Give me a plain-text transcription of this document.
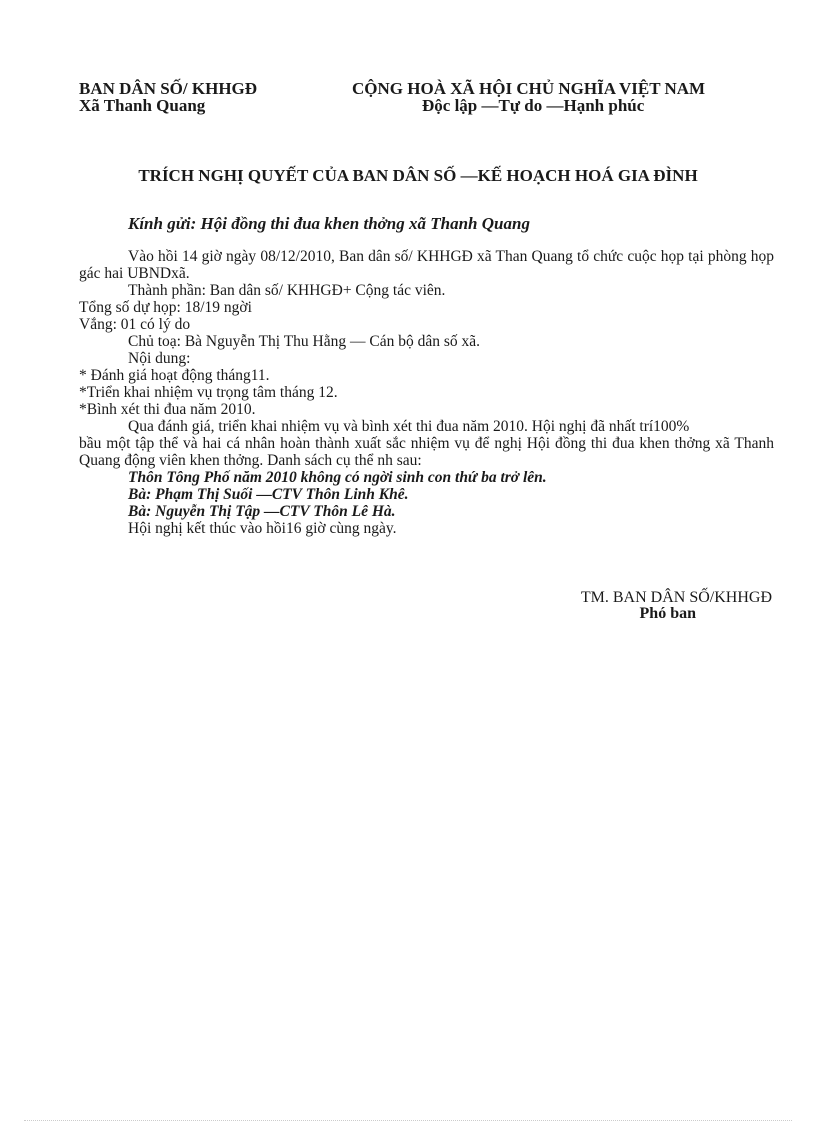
BAN DÂN SỐ/ KHHGĐ
Xã Thanh Quang
CỘNG HOÀ XÃ HỘI CHỦ NGHĨA VIỆT NAM
Độc lập —Tự do —Hạnh phúc
TRÍCH NGHỊ QUYẾT CỦA BAN DÂN SỐ —KẾ HOẠCH HOÁ GIA ĐÌNH
Kính gửi: Hội đồng thi đua khen thởng xã Thanh Quang

Vào hồi 14 giờ ngày 08/12/2010, Ban dân số/ KHHGĐ xã Than Quang tổ chức cuộc họp tại phòng họp gác hai UBNDxã.

Thành phần: Ban dân số/ KHHGĐ+ Cộng tác viên.

Tổng số dự họp: 18/19 ngời

Vắng: 01 có lý do

Chủ toạ: Bà Nguyễn Thị Thu Hằng — Cán bộ dân số xã.

Nội dung:

* Đánh giá hoạt động tháng11.

*Triển khai nhiệm vụ trọng tâm tháng 12.

*Bình xét thi đua năm 2010.

Qua đánh giá, triển khai nhiệm vụ và bình xét thi đua năm 2010. Hội nghị đã nhất trí100%

bầu một tập thể và hai cá nhân hoàn thành xuất sắc nhiệm vụ để nghị Hội đồng thi đua khen thởng xã Thanh Quang động viên khen thởng. Danh sách cụ thể nh sau:

Thôn Tông Phố năm 2010 không có ngời sinh con thứ ba trở lên.

Bà: Phạm Thị Suối —CTV Thôn Linh Khê.

Bà: Nguyễn Thị Tập —CTV Thôn Lê Hà.

Hội nghị kết thúc vào hồi16 giờ cùng ngày.

TM. BAN DÂN SỐ/KHHGĐ
Phó ban
